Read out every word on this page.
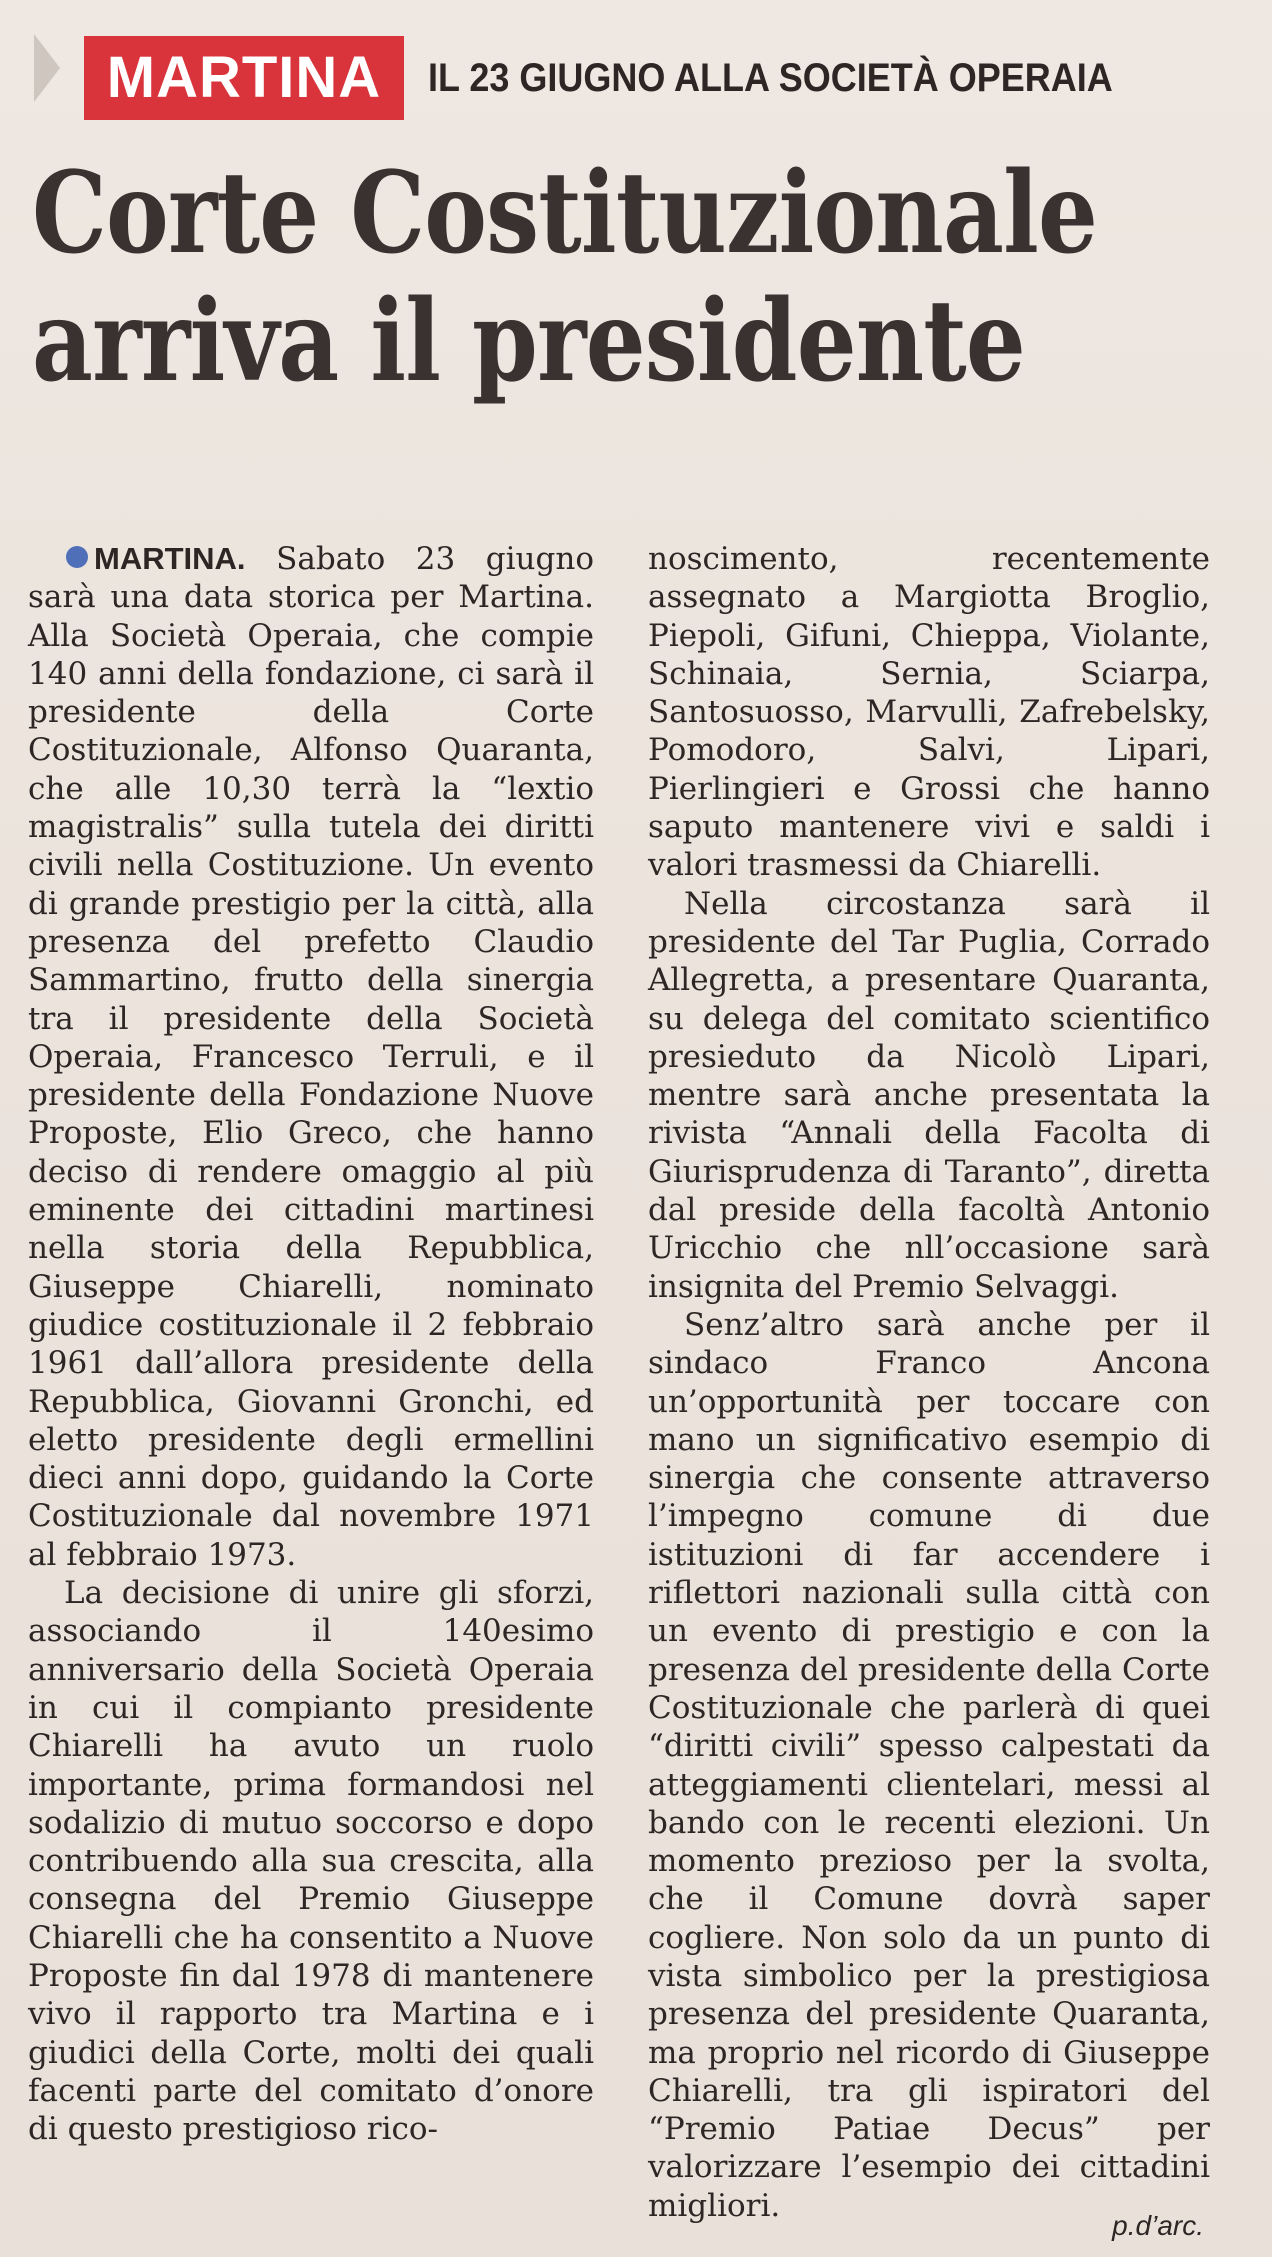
MARTINA IL 23 GIUGNO ALLA SOCIETÀ OPERAIA
Corte Costituzionale
arriva il presidente

MARTINA. Sabato 23 giugno sarà una data storica per Martina. Alla Società Operaia, che compie 140 anni della fondazione, ci sarà il presidente della Corte Costituzionale, Alfonso Quaranta, che alle 10,30 terrà la “lextio magistralis” sulla tutela dei diritti civili nella Costituzione. Un evento di grande prestigio per la città, alla presenza del prefetto Claudio Sammartino, frutto della sinergia tra il presidente della Società Operaia, Francesco Terruli, e il presidente della Fondazione Nuove Proposte, Elio Greco, che hanno deciso di rendere omaggio al più eminente dei cittadini martinesi nella storia della Repubblica, Giuseppe Chiarelli, nominato giudice costituzionale il 2 febbraio 1961 dall’allora presidente della Repubblica, Giovanni Gronchi, ed eletto presidente degli ermellini dieci anni dopo, guidando la Corte Costituzionale dal novembre 1971 al febbraio 1973.

La decisione di unire gli sforzi, associando il 140esimo anniversario della Società Operaia in cui il compianto presidente Chiarelli ha avuto un ruolo importante, prima formandosi nel sodalizio di mutuo soccorso e dopo contribuendo alla sua crescita, alla consegna del Premio Giuseppe Chiarelli che ha consentito a Nuove Proposte fin dal 1978 di mantenere vivo il rapporto tra Martina e i giudici della Corte, molti dei quali facenti parte del comitato d’onore di questo prestigioso rico-

noscimento, recentemente assegnato a Margiotta Broglio, Piepoli, Gifuni, Chieppa, Violante, Schinaia, Sernia, Sciarpa, Santosuosso, Marvulli, Zafrebelsky, Pomodoro, Salvi, Lipari, Pierlingieri e Grossi che hanno saputo mantenere vivi e saldi i valori trasmessi da Chiarelli.

Nella circostanza sarà il presidente del Tar Puglia, Corrado Allegretta, a presentare Quaranta, su delega del comitato scientifico presieduto da Nicolò Lipari, mentre sarà anche presentata la rivista “Annali della Facolta di Giurisprudenza di Taranto”, diretta dal preside della facoltà Antonio Uricchio che nll’occasione sarà insignita del Premio Selvaggi.

Senz’altro sarà anche per il sindaco Franco Ancona un’opportunità per toccare con mano un significativo esempio di sinergia che consente attraverso l’impegno comune di due istituzioni di far accendere i riflettori nazionali sulla città con un evento di prestigio e con la presenza del presidente della Corte Costituzionale che parlerà di quei “diritti civili” spesso calpestati da atteggiamenti clientelari, messi al bando con le recenti elezioni. Un momento prezioso per la svolta, che il Comune dovrà saper cogliere. Non solo da un punto di vista simbolico per la prestigiosa presenza del presidente Quaranta, ma proprio nel ricordo di Giuseppe Chiarelli, tra gli ispiratori del “Premio Patiae Decus” per valorizzare l’esempio dei cittadini migliori.

p.d’arc.
